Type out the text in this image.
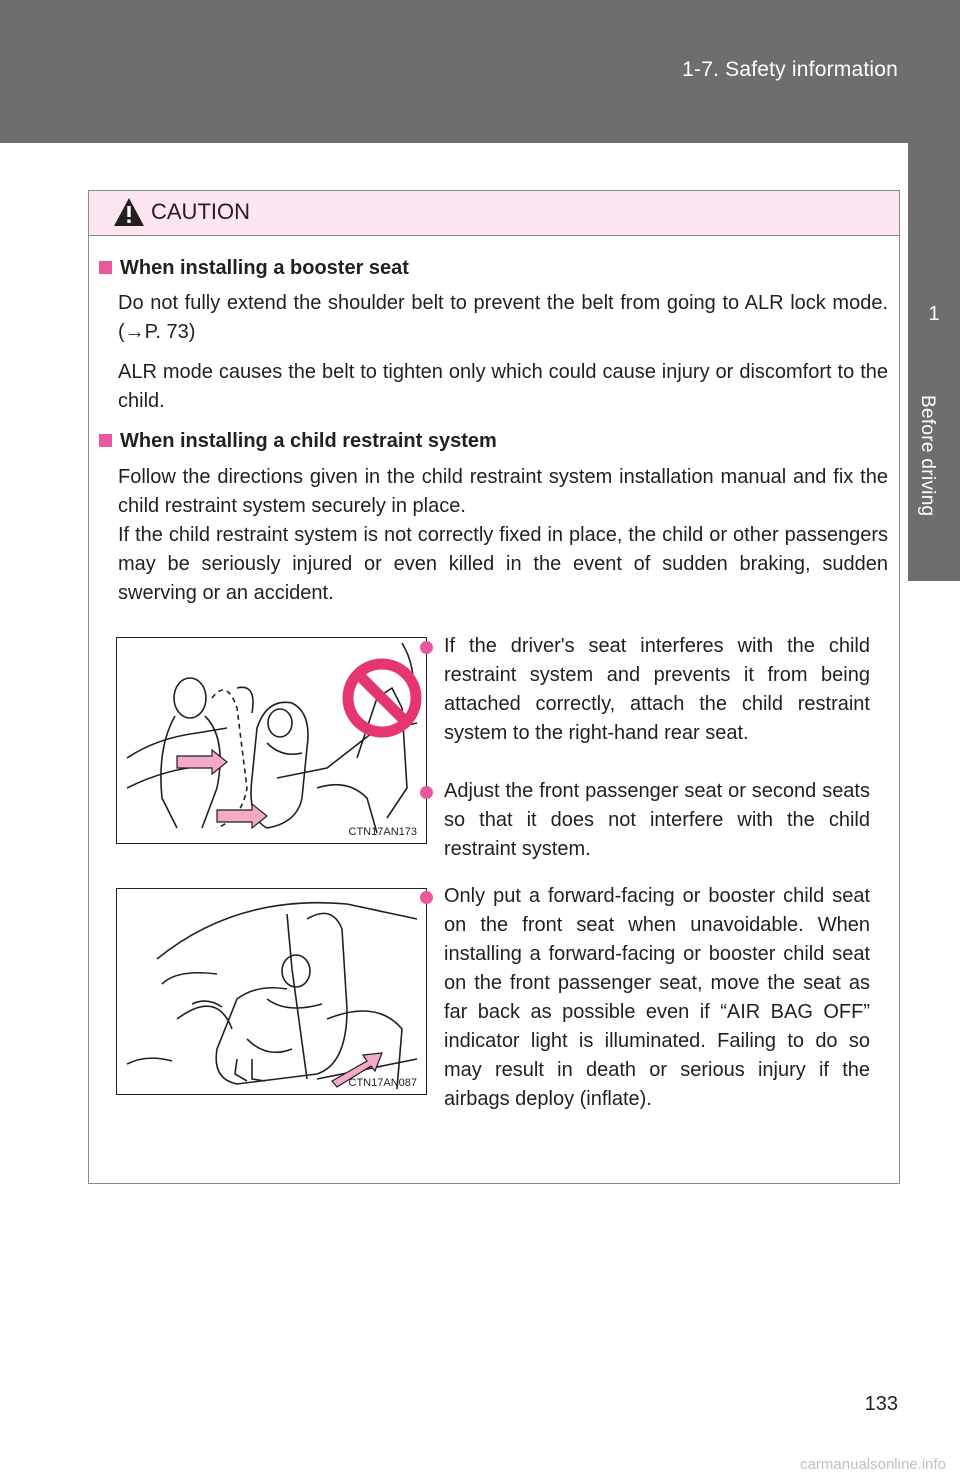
1-7. Safety information
1
Before driving
CAUTION
When installing a booster seat
Do not fully extend the shoulder belt to prevent the belt from going to ALR lock mode. (→P. 73)
ALR mode causes the belt to tighten only which could cause injury or discomfort to the child.
When installing a child restraint system
Follow the directions given in the child restraint system installation manual and fix the child restraint system securely in place.
If the child restraint system is not correctly fixed in place, the child or other passengers may be seriously injured or even killed in the event of sudden braking, sudden swerving or an accident.
CTN17AN173
CTN17AN087
If the driver's seat interferes with the child restraint system and prevents it from being attached correctly, attach the child restraint system to the right-hand rear seat.
Adjust the front passenger seat or second seats so that it does not interfere with the child restraint system.
Only put a forward-facing or booster child seat on the front seat when unavoidable. When installing a forward-facing or booster child seat on the front passenger seat, move the seat as far back as possible even if “AIR BAG OFF” indicator light is illuminated. Failing to do so may result in death or serious injury if the airbags deploy (inflate).
133
carmanualsonline.info
